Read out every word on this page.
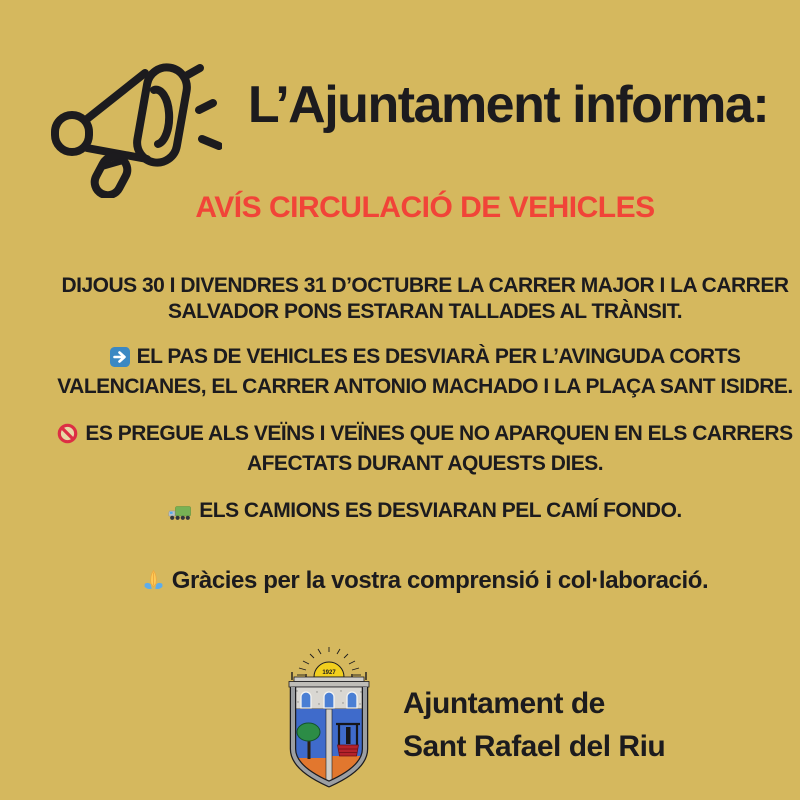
L’Ajuntament informa:
AVÍS CIRCULACIÓ DE VEHICLES
DIJOUS 30 I DIVENDRES 31 D’OCTUBRE LA CARRER MAJOR I LA CARRER
SALVADOR PONS ESTARAN TALLADES AL TRÀNSIT.
EL PAS DE VEHICLES ES DESVIARÀ PER L’AVINGUDA CORTS
VALENCIANES, EL CARRER ANTONIO MACHADO I LA PLAÇA SANT ISIDRE.
ES PREGUE ALS VEÏNS I VEÏNES QUE NO APARQUEN EN ELS CARRERS
AFECTATS DURANT AQUESTS DIES.
ELS CAMIONS ES DESVIARAN PEL CAMÍ FONDO.
Gràcies per la vostra comprensió i col·laboració.
1927
Ajuntament de
Sant Rafael del Riu
